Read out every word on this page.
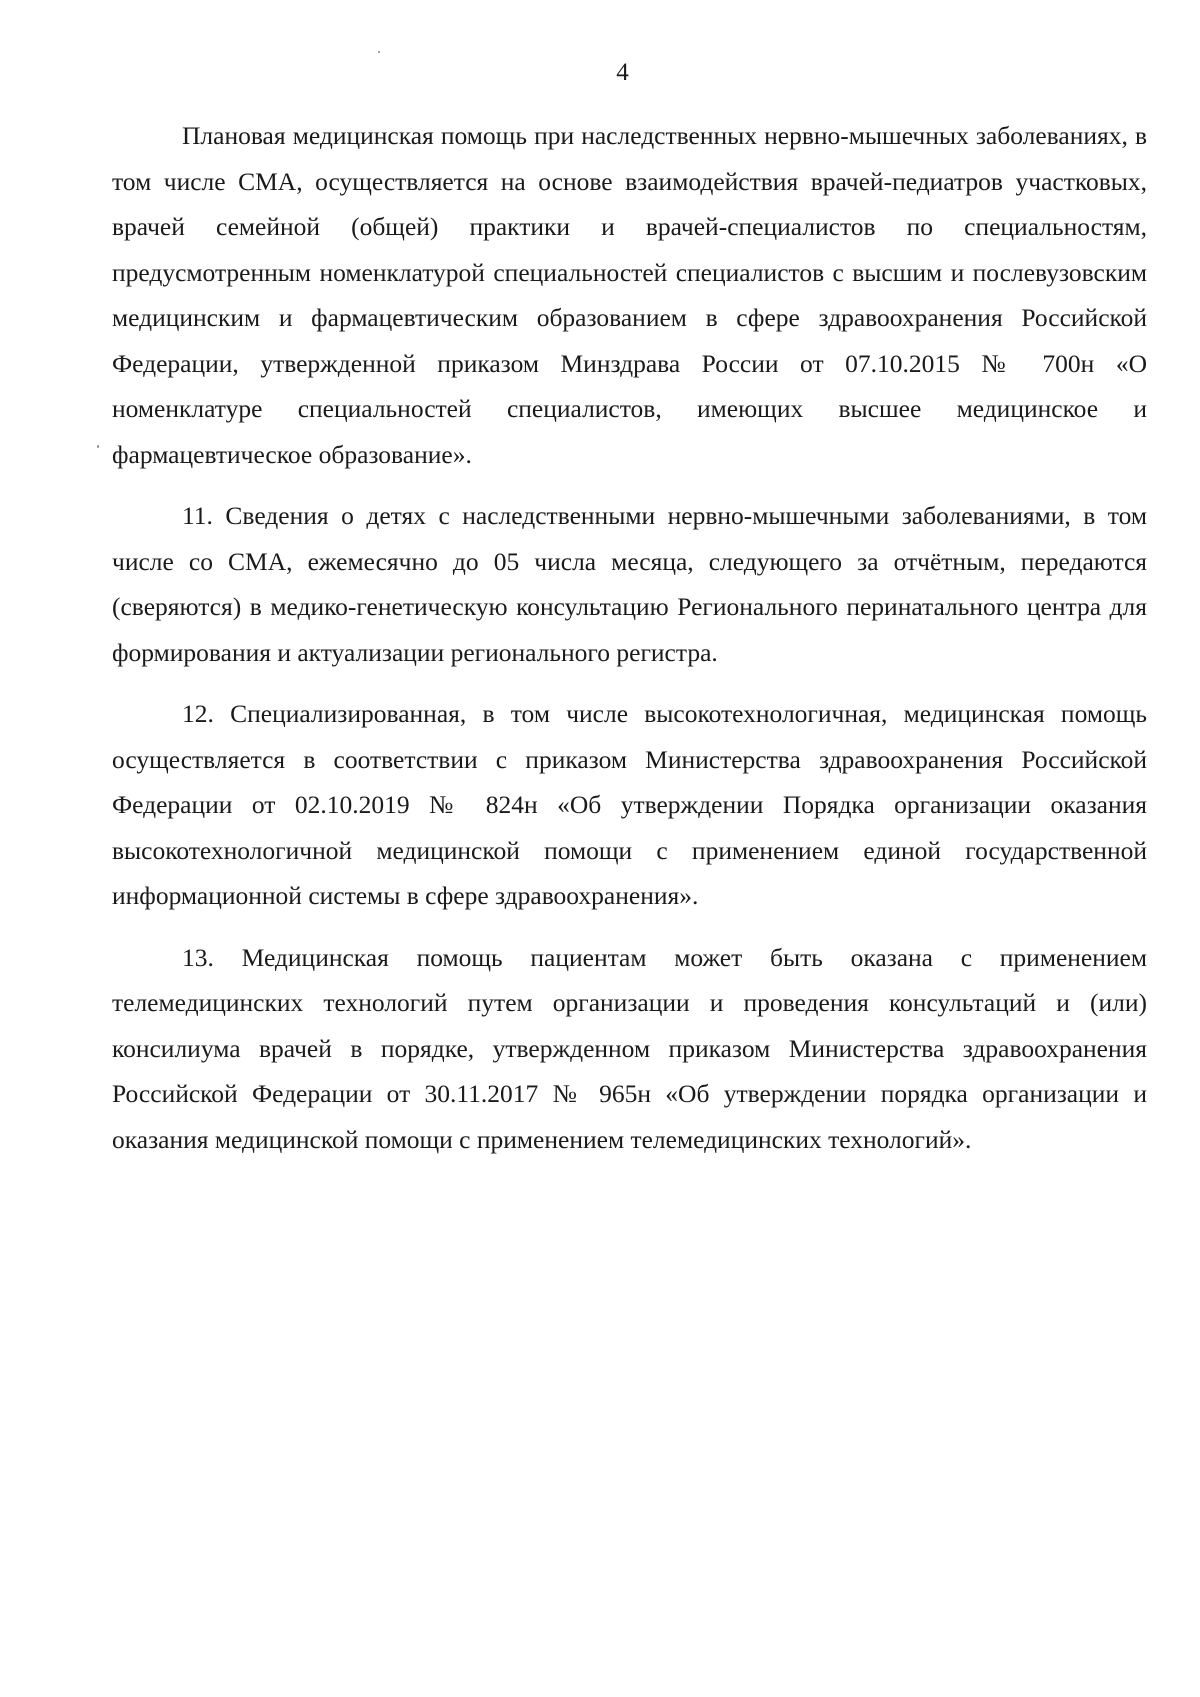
4

Плановая медицинская помощь при наследственных нервно-мышечных заболеваниях, в том числе СМА, осуществляется на основе взаимодействия врачей-педиатров участковых, врачей семейной (общей) практики и врачей-специалистов по специальностям, предусмотренным номенклатурой специальностей специалистов с высшим и послевузовским медицинским и фармацевтическим образованием в сфере здравоохранения Российской Федерации, утвержденной приказом Минздрава России от 07.10.2015 № 700н «О номенклатуре специальностей специалистов, имеющих высшее медицинское и фармацевтическое образование».

11. Сведения о детях с наследственными нервно-мышечными заболеваниями, в том числе со СМА, ежемесячно до 05 числа месяца, следующего за отчётным, передаются (сверяются) в медико-генетическую консультацию Регионального перинатального центра для формирования и актуализации регионального регистра.

12. Специализированная, в том числе высокотехнологичная, медицинская помощь осуществляется в соответствии с приказом Министерства здравоохранения Российской Федерации от 02.10.2019 № 824н «Об утверждении Порядка организации оказания высокотехнологичной медицинской помощи с применением единой государственной информационной системы в сфере здравоохранения».

13. Медицинская помощь пациентам может быть оказана с применением телемедицинских технологий путем организации и проведения консультаций и (или) консилиума врачей в порядке, утвержденном приказом Министерства здравоохранения Российской Федерации от 30.11.2017 № 965н «Об утверждении порядка организации и оказания медицинской помощи с применением телемедицинских технологий».
